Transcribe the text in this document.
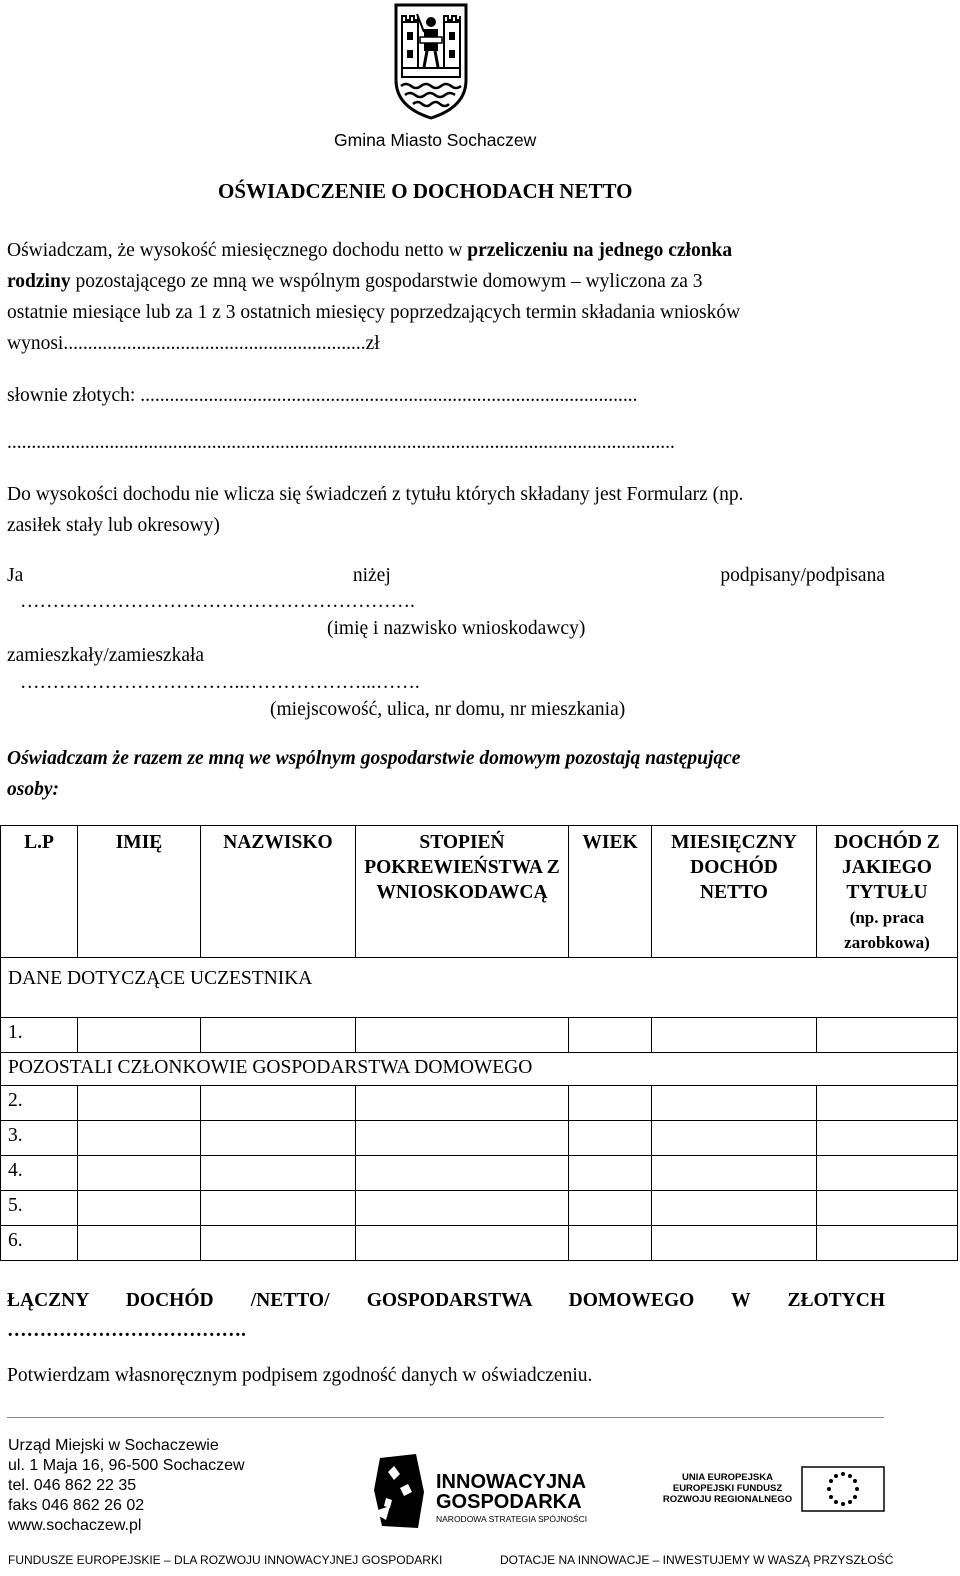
Gmina Miasto Sochaczew
OŚWIADCZENIE O DOCHODACH NETTO
Oświadczam, że wysokość miesięcznego dochodu netto w przeliczeniu na jednego członka
rodziny pozostającego ze mną we wspólnym gospodarstwie domowym – wyliczona za 3
ostatnie miesiące lub za 1 z 3 ostatnich miesięcy poprzedzających termin składania wniosków
wynosi..............................................................zł
słownie złotych: ......................................................................................................
.........................................................................................................................................
Do wysokości dochodu nie wlicza się świadczeń z tytułu których składany jest Formularz (np.
zasiłek stały lub okresowy)
Ja	niżej	podpisany/podpisana
…………………………………………………….
(imię i nazwisko wnioskodawcy)
zamieszkały/zamieszkała
……………………………..………………...…….
(miejscowość, ulica, nr domu, nr mieszkania)
Oświadczam że razem ze mną we wspólnym gospodarstwie domowym pozostają następujące
osoby:
L.P	IMIĘ	NAZWISKO	STOPIEŃ POKREWIEŃSTWA Z WNIOSKODAWCĄ	WIEK	MIESIĘCZNY DOCHÓD NETTO	DOCHÓD Z JAKIEGO TYTUŁU
(np. praca zarobkowa)

DANE DOTYCZĄCE UCZESTNIKA						

1.						

POZOSTALI CZŁONKOWIE GOSPODARSTWA DOMOWEGO						

2.						

3.						

4.						

5.						

6.						

ŁĄCZNY DOCHÓD /NETTO/ GOSPODARSTWA DOMOWEGO W ZŁOTYCH
……………………………….
Potwierdzam własnoręcznym podpisem zgodność danych w oświadczeniu.
Urząd Miejski w Sochaczewie
ul. 1 Maja 16, 96-500 Sochaczew
tel. 046 862 22 35
faks 046 862 26 02
www.sochaczew.pl
INNOWACYJNA
GOSPODARKA
NARODOWA STRATEGIA SPÓJNOŚCI
UNIA EUROPEJSKA
EUROPEJSKI FUNDUSZ
ROZWOJU REGIONALNEGO
FUNDUSZE EUROPEJSKIE – DLA ROZWOJU INNOWACYJNEJ GOSPODARKI	DOTACJE NA INNOWACJE – INWESTUJEMY W WASZĄ PRZYSZŁOŚĆ
